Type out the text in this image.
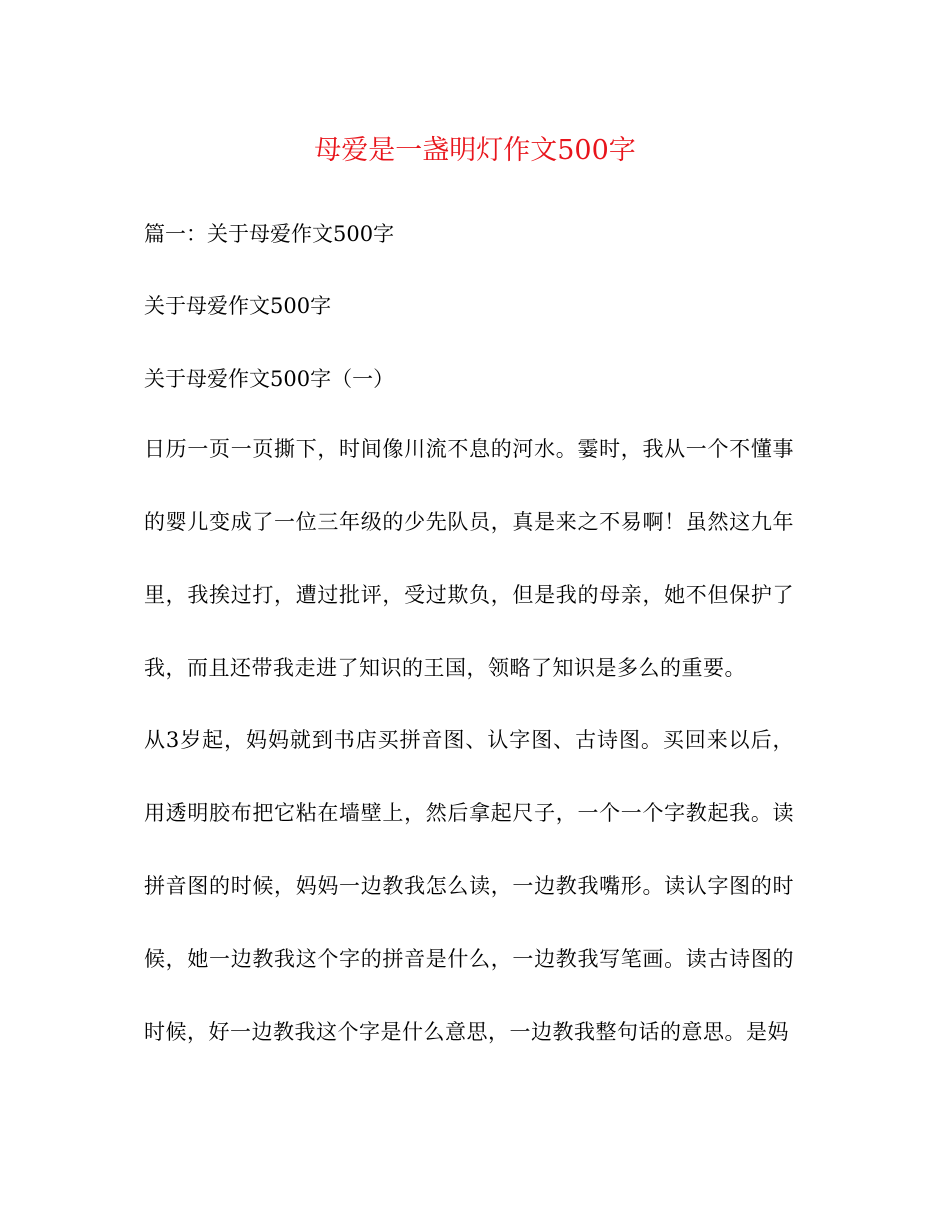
母爱是一盏明灯作文500字
篇一：关于母爱作文500字
关于母爱作文500字
关于母爱作文500字（一）
日历一页一页撕下，时间像川流不息的河水。霎时，我从一个不懂事的婴儿变成了一位三年级的少先队员，真是来之不易啊！虽然这九年里，我挨过打，遭过批评，受过欺负，但是我的母亲，她不但保护了我，而且还带我走进了知识的王国，领略了知识是多么的重要。
从3岁起，妈妈就到书店买拼音图、认字图、古诗图。买回来以后，用透明胶布把它粘在墙壁上，然后拿起尺子，一个一个字教起我。读拼音图的时候，妈妈一边教我怎么读，一边教我嘴形。读认字图的时候，她一边教我这个字的拼音是什么，一边教我写笔画。读古诗图的时候，好一边教我这个字是什么意思，一边教我整句话的意思。是妈
